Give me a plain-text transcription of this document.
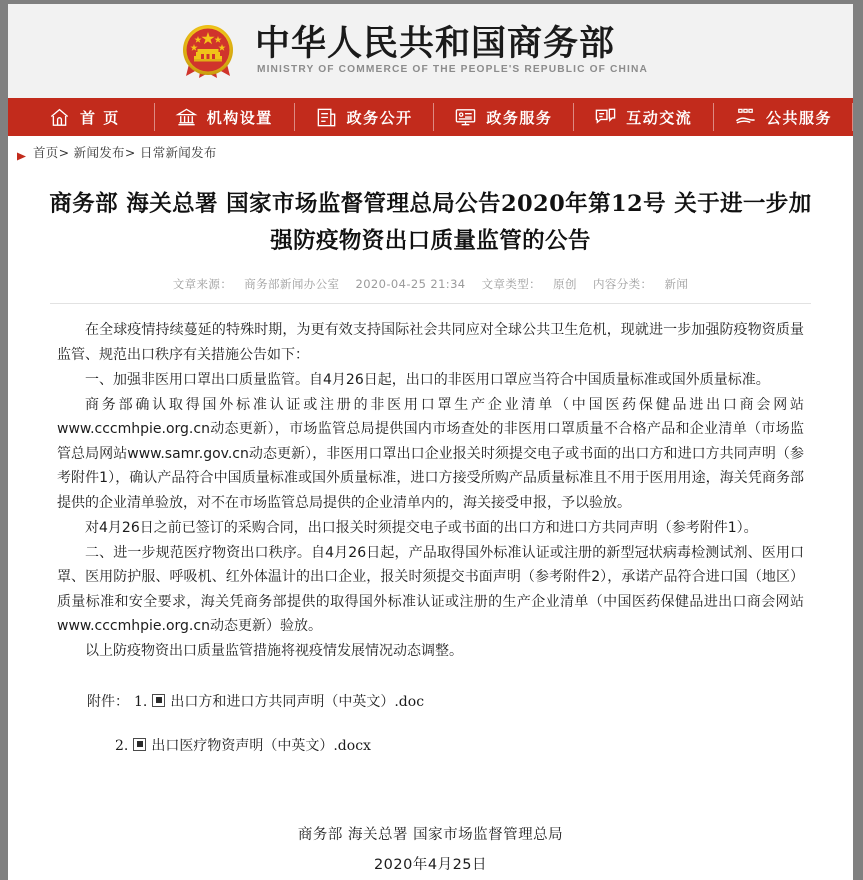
中华人民共和国商务部
MINISTRY OF COMMERCE OF THE PEOPLE'S REPUBLIC OF CHINA
首 页	机构设置	政务公开	政务服务	互动交流	公共服务
首页> 新闻发布> 日常新闻发布
商务部 海关总署 国家市场监督管理总局公告2020年第12号 关于进一步加强防疫物资出口质量监管的公告
文章来源： 商务部新闻办公室 2020-04-25 21:34 文章类型： 原创 内容分类： 新闻

在全球疫情持续蔓延的特殊时期，为更有效支持国际社会共同应对全球公共卫生危机，现就进一步加强防疫物资质量监管、规范出口秩序有关措施公告如下：

一、加强非医用口罩出口质量监管。自4月26日起，出口的非医用口罩应当符合中国质量标准或国外质量标准。

商务部确认取得国外标准认证或注册的非医用口罩生产企业清单（中国医药保健品进出口商会网站www.cccmhpie.org.cn动态更新），市场监管总局提供国内市场查处的非医用口罩质量不合格产品和企业清单（市场监管总局网站www.samr.gov.cn动态更新），非医用口罩出口企业报关时须提交电子或书面的出口方和进口方共同声明（参考附件1），确认产品符合中国质量标准或国外质量标准，进口方接受所购产品质量标准且不用于医用用途，海关凭商务部提供的企业清单验放，对不在市场监管总局提供的企业清单内的，海关接受申报，予以验放。

对4月26日之前已签订的采购合同，出口报关时须提交电子或书面的出口方和进口方共同声明（参考附件1）。

二、进一步规范医疗物资出口秩序。自4月26日起，产品取得国外标准认证或注册的新型冠状病毒检测试剂、医用口罩、医用防护服、呼吸机、红外体温计的出口企业，报关时须提交书面声明（参考附件2），承诺产品符合进口国（地区）质量标准和安全要求，海关凭商务部提供的取得国外标准认证或注册的生产企业清单（中国医药保健品进出口商会网站www.cccmhpie.org.cn动态更新）验放。

以上防疫物资出口质量监管措施将视疫情发展情况动态调整。

附件： 1. 出口方和进口方共同声明（中英文）.doc
2. 出口医疗物资声明（中英文）.docx
商务部 海关总署 国家市场监督管理总局
2020年4月25日
